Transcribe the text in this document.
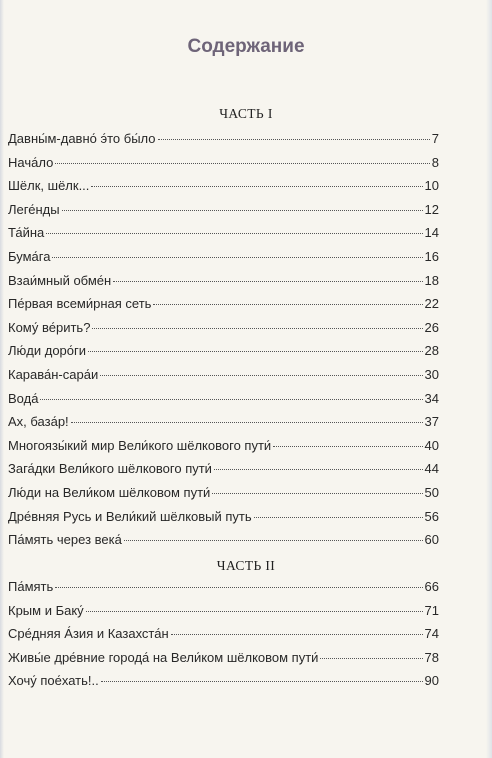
Содержание
ЧАСТЬ I
Давны́м-давно́ э́то бы́ло	7
Нача́ло	8
Шёлк, шёлк...	10
Леге́нды	12
Та́йна	14
Бума́га	16
Взаи́мный обме́н	18
Пе́рвая всеми́рная сеть	22
Кому́ ве́рить?	26
Лю́ди доро́ги	28
Карава́н-сара́и	30
Вода́	34
Ах, база́р!	37
Многоязы́кий мир Вели́кого шёлкового пути́	40
Зага́дки Вели́кого шёлкового пути́	44
Лю́ди на Вели́ком шёлковом пути́	50
Дре́вняя Русь и Вели́кий шёлковый путь	56
Па́мять через века́	60
ЧАСТЬ II
Па́мять	66
Крым и Баку́	71
Сре́дняя А́зия и Казахста́н	74
Живы́е дре́вние города́ на Вели́ком шёлковом пути́	78
Хочу́ пое́хать!..	90
